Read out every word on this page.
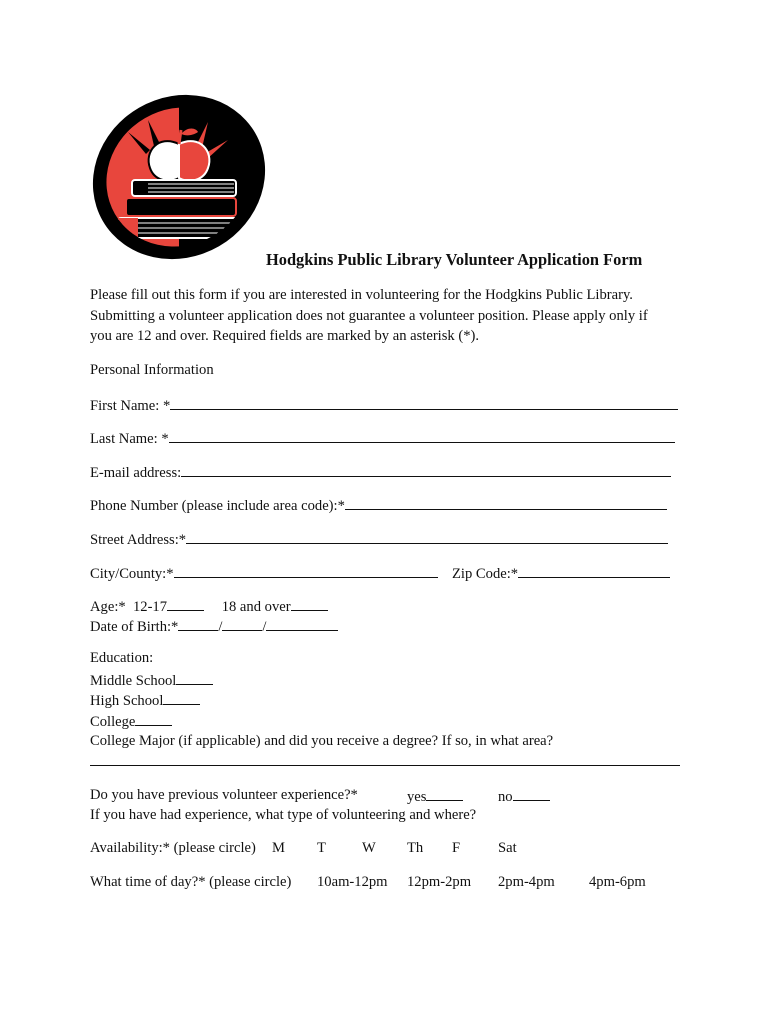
Hodgkins Public Library Volunteer Application Form
Please fill out this form if you are interested in volunteering for the Hodgkins Public Library.
Submitting a volunteer application does not guarantee a volunteer position. Please apply only if
you are 12 and over. Required fields are marked by an asterisk (*).
Personal Information
First Name: *
Last Name: *
E-mail address:
Phone Number (please include area code):*
Street Address:*
City/County:*	Zip Code:*
Age:* 12-17	18 and over
Date of Birth:*	/	/
Education:
Middle School
High School
College
College Major (if applicable) and did you receive a degree? If so, in what area?
Do you have previous volunteer experience?*	yes	no
If you have had experience, what type of volunteering and where?
Availability:* (please circle) M T W Th F	Sat
What time of day?* (please circle) 10am-12pm 12pm-2pm 2pm-4pm 4pm-6pm
